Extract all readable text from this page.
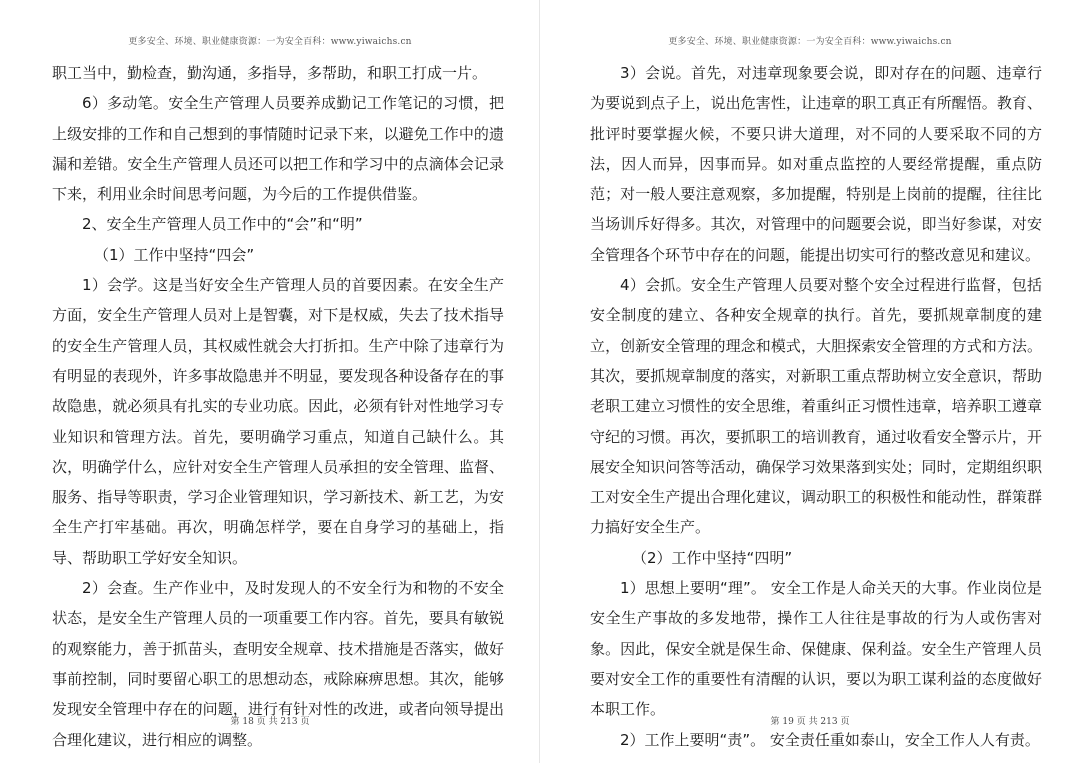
更多安全、环境、职业健康资源：一为安全百科：www.yiwaichs.cn
第 18 页 共 213 页
更多安全、环境、职业健康资源：一为安全百科：www.yiwaichs.cn
第 19 页 共 213 页

职工当中，勤检查，勤沟通，多指导，多帮助，和职工打成一片。

6）多动笔。安全生产管理人员要养成勤记工作笔记的习惯，把上级安排的工作和自己想到的事情随时记录下来，以避免工作中的遗漏和差错。安全生产管理人员还可以把工作和学习中的点滴体会记录下来，利用业余时间思考问题，为今后的工作提供借鉴。

2、安全生产管理人员工作中的“会”和“明”

（1）工作中坚持“四会”

1）会学。这是当好安全生产管理人员的首要因素。在安全生产方面，安全生产管理人员对上是智囊，对下是权威，失去了技术指导的安全生产管理人员，其权威性就会大打折扣。生产中除了违章行为有明显的表现外，许多事故隐患并不明显，要发现各种设备存在的事故隐患，就必须具有扎实的专业功底。因此，必须有针对性地学习专业知识和管理方法。首先，要明确学习重点，知道自己缺什么。其次，明确学什么，应针对安全生产管理人员承担的安全管理、监督、服务、指导等职责，学习企业管理知识，学习新技术、新工艺，为安全生产打牢基础。再次，明确怎样学，要在自身学习的基础上，指导、帮助职工学好安全知识。

2）会查。生产作业中，及时发现人的不安全行为和物的不安全状态，是安全生产管理人员的一项重要工作内容。首先，要具有敏锐的观察能力，善于抓苗头，查明安全规章、技术措施是否落实，做好事前控制，同时要留心职工的思想动态，戒除麻痹思想。其次，能够发现安全管理中存在的问题，进行有针对性的改进，或者向领导提出合理化建议，进行相应的调整。

3）会说。首先，对违章现象要会说，即对存在的问题、违章行为要说到点子上，说出危害性，让违章的职工真正有所醒悟。教育、批评时要掌握火候，不要只讲大道理，对不同的人要采取不同的方法，因人而异，因事而异。如对重点监控的人要经常提醒，重点防范；对一般人要注意观察，多加提醒，特别是上岗前的提醒，往往比当场训斥好得多。其次，对管理中的问题要会说，即当好参谋，对安全管理各个环节中存在的问题，能提出切实可行的整改意见和建议。

4）会抓。安全生产管理人员要对整个安全过程进行监督，包括安全制度的建立、各种安全规章的执行。首先，要抓规章制度的建立，创新安全管理的理念和模式，大胆探索安全管理的方式和方法。其次，要抓规章制度的落实，对新职工重点帮助树立安全意识，帮助老职工建立习惯性的安全思维，着重纠正习惯性违章，培养职工遵章守纪的习惯。再次，要抓职工的培训教育，通过收看安全警示片，开展安全知识问答等活动，确保学习效果落到实处；同时，定期组织职工对安全生产提出合理化建议，调动职工的积极性和能动性，群策群力搞好安全生产。

（2）工作中坚持“四明”

1）思想上要明“理”。 安全工作是人命关天的大事。作业岗位是安全生产事故的多发地带，操作工人往往是事故的行为人或伤害对象。因此，保安全就是保生命、保健康、保利益。安全生产管理人员要对安全工作的重要性有清醒的认识，要以为职工谋利益的态度做好本职工作。

2）工作上要明“责”。 安全责任重如泰山，安全工作人人有责。
